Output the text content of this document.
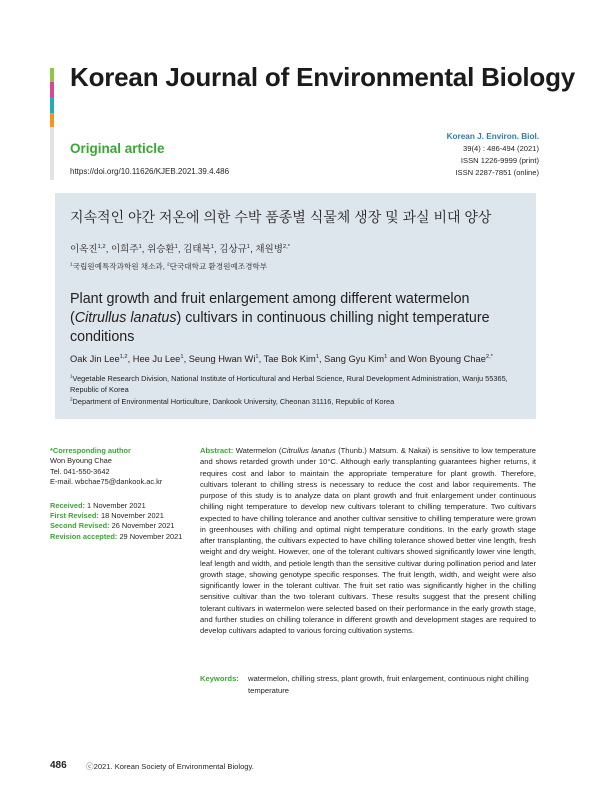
Korean Journal of Environmental Biology
Original article
https://doi.org/10.11626/KJEB.2021.39.4.486
Korean J. Environ. Biol.
39(4) : 486-494 (2021)
ISSN 1226-9999 (print)
ISSN 2287-7851 (online)
지속적인 야간 저온에 의한 수박 품종별 식물체 생장 및 과실 비대 양상
이옥진$^{1,2}$, 이희주$^1$, 위승환$^1$, 김태복$^1$, 김상규$^1$, 채원병$^{2,*}$
$^1$국립원예특작과학원 채소과, $^2$단국대학교 환경원예조경학부
Plant growth and fruit enlargement among different watermelon (Citrullus lanatus) cultivars in continuous chilling night temperature conditions
Oak Jin Lee$^{1,2}$, Hee Ju Lee$^1$, Seung Hwan Wi$^1$, Tae Bok Kim$^1$, Sang Gyu Kim$^1$ and Won Byoung Chae$^{2,*}$

$^1$Vegetable Research Division, National Institute of Horticultural and Herbal Science, Rural Development Administration, Wanju 55365, Republic of Korea

$^2$Department of Environmental Horticulture, Dankook University, Cheonan 31116, Republic of Korea

*Corresponding author
Won Byoung Chae
Tel. 041-550-3642
E-mail. wbchae75@dankook.ac.kr
Received: 1 November 2021
First Revised: 18 November 2021
Second Revised: 26 November 2021
Revision accepted: 29 November 2021
Abstract: Watermelon (Citrullus lanatus (Thunb.) Matsum. & Nakai) is sensitive to low temperature and shows retarded growth under 10°C. Although early transplanting guarantees higher returns, it requires cost and labor to maintain the appropriate temperature for plant growth. Therefore, cultivars tolerant to chilling stress is necessary to reduce the cost and labor requirements. The purpose of this study is to analyze data on plant growth and fruit enlargement under continuous chilling night temperature to develop new cultivars tolerant to chilling temperature. Two cultivars expected to have chilling tolerance and another cultivar sensitive to chilling temperature were grown in greenhouses with chilling and optimal night temperature conditions. In the early growth stage after transplanting, the cultivars expected to have chilling tolerance showed better vine length, fresh weight and dry weight. However, one of the tolerant cultivars showed significantly lower vine length, leaf length and width, and petiole length than the sensitive cultivar during pollination period and later growth stage, showing genotype specific responses. The fruit length, width, and weight were also significantly lower in the tolerant cultivar. The fruit set ratio was significantly higher in the chilling sensitive cultivar than the two tolerant cultivars. These results suggest that the present chilling tolerant cultivars in watermelon were selected based on their performance in the early growth stage, and further studies on chilling tolerance in different growth and development stages are required to develop cultivars adapted to various forcing cultivation systems.
Keywords:	watermelon, chilling stress, plant growth, fruit enlargement, continuous night chilling temperature
486	ⓒ2021. Korean Society of Environmental Biology.
